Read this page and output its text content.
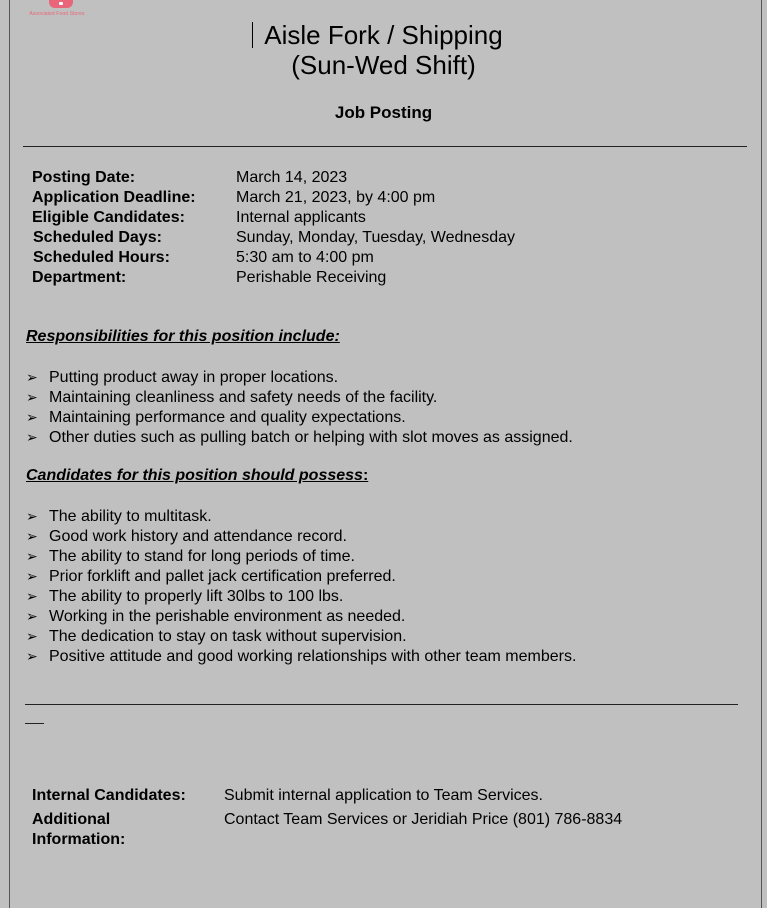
Associated Food Stores
Aisle Fork / Shipping
(Sun-Wed Shift)
Job Posting
Posting Date:	March 14, 2023
Application Deadline:	March 21, 2023, by 4:00 pm
Eligible Candidates:	Internal applicants
Scheduled Days:	Sunday, Monday, Tuesday, Wednesday
Scheduled Hours:	5:30 am to 4:00 pm
Department:	Perishable Receiving
Responsibilities for this position include:
➢ Putting product away in proper locations.
➢ Maintaining cleanliness and safety needs of the facility.
➢ Maintaining performance and quality expectations.
➢ Other duties such as pulling batch or helping with slot moves as assigned.
Candidates for this position should possess:
➢ The ability to multitask.
➢ Good work history and attendance record.
➢ The ability to stand for long periods of time.
➢ Prior forklift and pallet jack certification preferred.
➢ The ability to properly lift 30lbs to 100 lbs.
➢ Working in the perishable environment as needed.
➢ The dedication to stay on task without supervision.
➢ Positive attitude and good working relationships with other team members.
Internal Candidates: Submit internal application to Team Services.
Additional
Information:
Contact Team Services or Jeridiah Price (801) 786-8834
